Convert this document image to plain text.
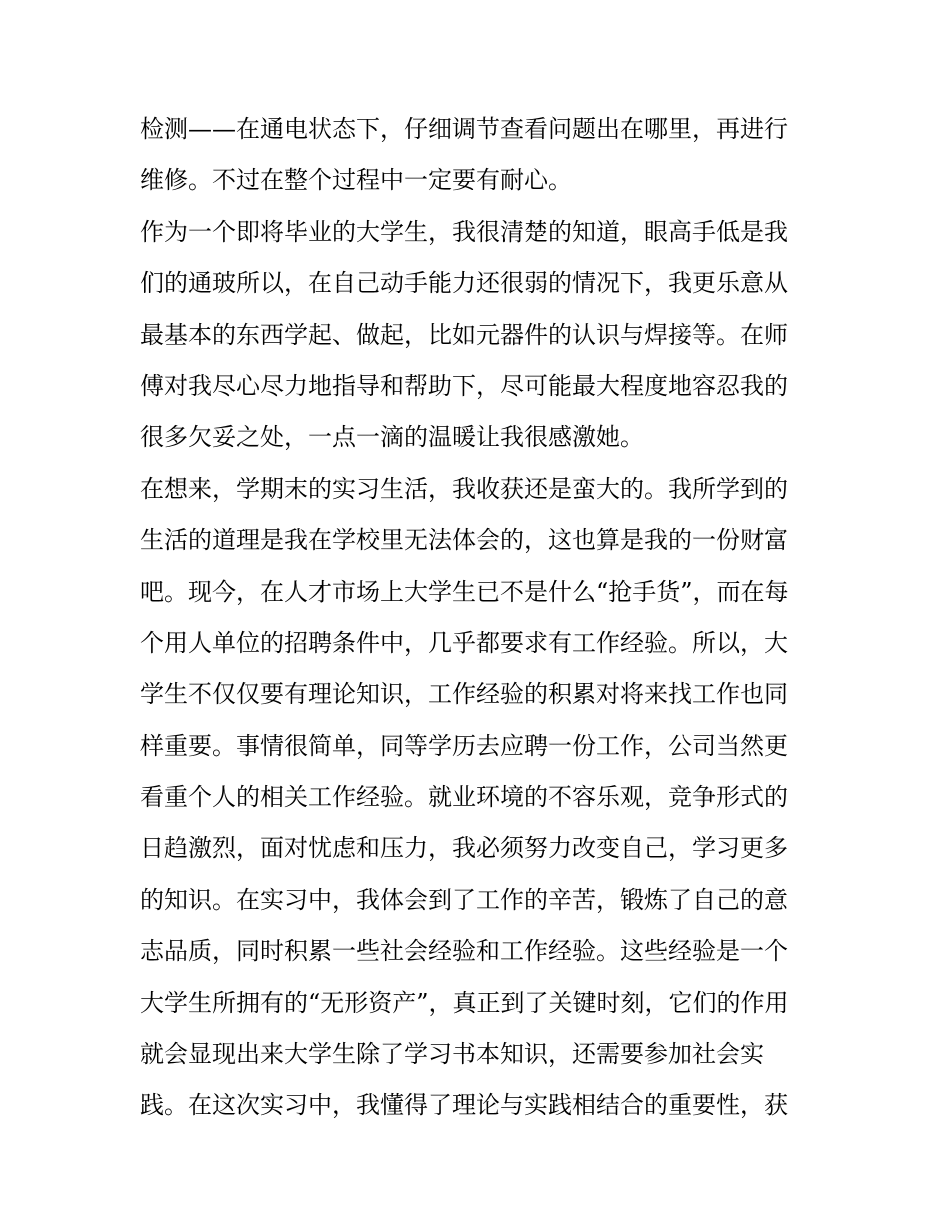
检测——在通电状态下，仔细调节查看问题出在哪里，再进行
维修。不过在整个过程中一定要有耐心。
作为一个即将毕业的大学生，我很清楚的知道，眼高手低是我
们的通玻所以，在自己动手能力还很弱的情况下，我更乐意从
最基本的东西学起、做起，比如元器件的认识与焊接等。在师
傅对我尽心尽力地指导和帮助下，尽可能最大程度地容忍我的
很多欠妥之处，一点一滴的温暖让我很感激她。
在想来，学期末的实习生活，我收获还是蛮大的。我所学到的
生活的道理是我在学校里无法体会的，这也算是我的一份财富
吧。现今，在人才市场上大学生已不是什么“抢手货”，而在每
个用人单位的招聘条件中，几乎都要求有工作经验。所以，大
学生不仅仅要有理论知识，工作经验的积累对将来找工作也同
样重要。事情很简单，同等学历去应聘一份工作，公司当然更
看重个人的相关工作经验。就业环境的不容乐观，竞争形式的
日趋激烈，面对忧虑和压力，我必须努力改变自己，学习更多
的知识。在实习中，我体会到了工作的辛苦，锻炼了自己的意
志品质，同时积累一些社会经验和工作经验。这些经验是一个
大学生所拥有的“无形资产”，真正到了关键时刻，它们的作用
就会显现出来大学生除了学习书本知识，还需要参加社会实
践。在这次实习中，我懂得了理论与实践相结合的重要性，获
